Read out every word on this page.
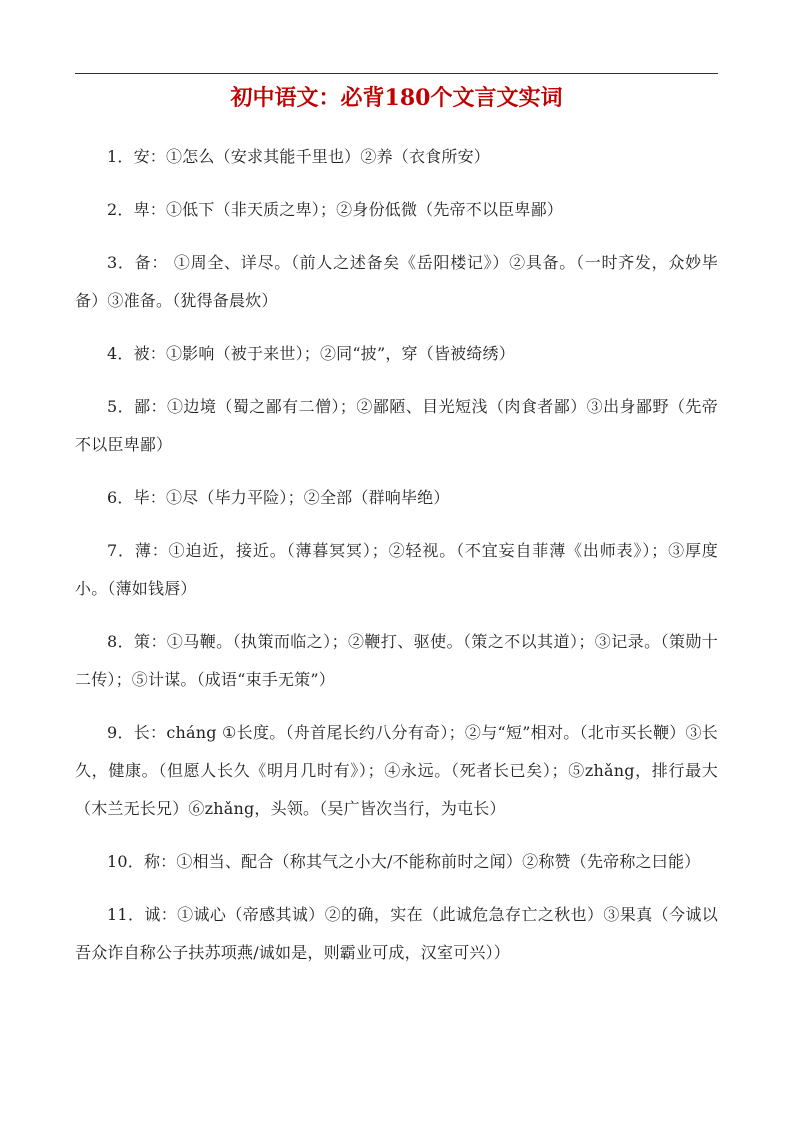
初中语文：必背180个文言文实词

1．安：①怎么（安求其能千里也）②养（衣食所安）

2．卑：①低下（非天质之卑）；②身份低微（先帝不以臣卑鄙）

3．备： ①周全、详尽。（前人之述备矣《岳阳楼记》）②具备。（一时齐发，众妙毕备）③准备。（犹得备晨炊）

4．被：①影响（被于来世）；②同“披”，穿（皆被绮绣）

5．鄙：①边境（蜀之鄙有二僧）；②鄙陋、目光短浅（肉食者鄙）③出身鄙野（先帝不以臣卑鄙）

6．毕：①尽（毕力平险）；②全部（群响毕绝）

7．薄：①迫近，接近。（薄暮冥冥）；②轻视。（不宜妄自菲薄《出师表》）；③厚度小。（薄如钱唇）

8．策：①马鞭。（执策而临之）；②鞭打、驱使。（策之不以其道）；③记录。（策勋十二传）；⑤计谋。（成语“束手无策”）

9．长：cháng ①长度。（舟首尾长约八分有奇）；②与“短”相对。（北市买长鞭）③长久，健康。（但愿人长久《明月几时有》）；④永远。（死者长已矣）；⑤zhǎng，排行最大（木兰无长兄）⑥zhǎng，头领。（吴广皆次当行，为屯长）

10．称：①相当、配合（称其气之小大/不能称前时之闻）②称赞（先帝称之曰能）

11．诚：①诚心（帝感其诚）②的确，实在（此诚危急存亡之秋也）③果真（今诚以吾众诈自称公子扶苏项燕/诚如是，则霸业可成，汉室可兴））
